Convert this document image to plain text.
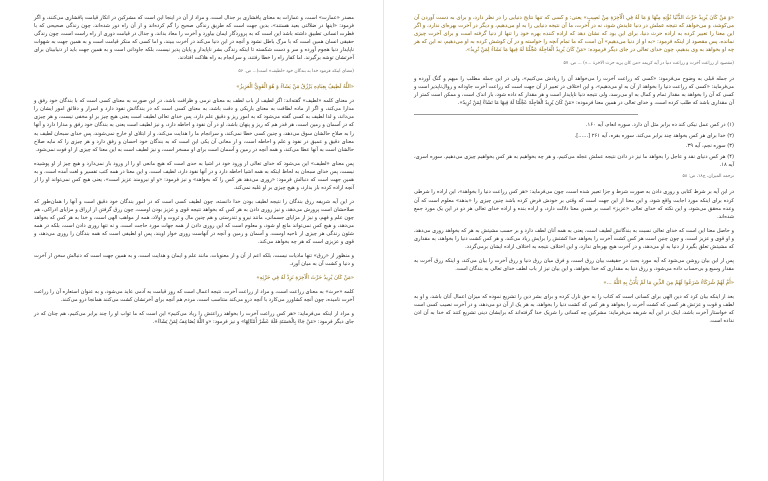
مصدر «عمارت» است، و عمارات به معنای پافشاری بر جدال است، و مراد از آن در اینجا این است که مشرکین در انکار قیامت پافشاری می‌کنند، و اگر فرمود: «اینها در ضلالتی بعید هستند»، بدین جهت است که طریق زندگی صحیح را گم کرده‌اند و از آن راه دور شده‌اند، چون زندگی صحیحی که با فطرت انسانی تطبیق داشته باشد این است که به پروردگار ایمان بیاورد و آخرت را معاد بداند، و جدال در قیامت دوری از راه راست است، چون زندگی حقیقی انسان همین است که با مرگ باطل نشود و آنچه در این دنیا می‌کند در آخرت ببیند، و اما کسی که منکر قیامت است و به همین جهت به شهوات ناپایدار دنیا هجوم آورده و سر و دست شکسته تا اینکه زندگی بشر ناپایدار و پایان پذیر نیست، بلکه جاودانی است و به همین جهت باید از دنیابینان برای آخرتشان توشه برگیرند. اما کفار راه را خطا رفتند، و سرانجام به راه هلاکت افتادند.

(معنای اینکه فرمود خدا به بندگان خود «لطیف» است)... ص. ۵۶

«اللَّهُ لَطِيفٌ بِعِبَادِهِ يَرْزُقُ مَنْ يَشَاءُ وَ هُوَ الْقَوِيُّ الْعَزِيزُ»

در معنای کلمه «لطیف» گفته‌اند: اگر لطیف از باب لطف به معنای نرمی و ظرافت باشد، در این صورت به معنای کسی است که با بندگان خود رفق و مدارا می‌کند، و اگر از ماده لطافت به معنای باریکی و دقت باشد، به معنای کسی است که در بندگانش نفوذ دارد و اسرار و دقائق امور ایشان را می‌داند، و لذا لطیف به کسی گفته می‌شود که به امور ریز و دقیق علم دارد، پس خدای تعالی لطیف است یعنی هیچ چیز بر او مخفی نیست، و هر چیزی که در آسمان و زمین است، هر قدر هم که ریز و پنهان باشد، او در آن نفوذ و احاطه دارد، و نیز لطیف است یعنی به بندگان خود رفق و مدارا دارد و آنها را به صلاح حالشان سوق می‌دهد، و چنین کسی خطا نمی‌کند، و سرانجام ما را هدایت می‌کند، و از ابتلای او خارج نمی‌شوند، پس خدای سبحان لطیف به معنای دقیق و عمیق در نفوذ و علم و احاطه است، و از معانی آن یکی این است که به بندگان خود احسان و رفق دارد و هر چیزی را که مایه صلاح حالشان است به آنها عطا می‌کند، و همه آنچه در زمین و آسمان است برای او مسخر است، و نیز لطیف است به این معنا که چیزی از او فوت نمی‌شود.

پس معنای «لطیف» این می‌شود که خدای تعالی از ورود خود در اشیا به حدی است که هیچ مانعی او را از ورود باز نمی‌دارد و هیچ چیز از او پوشیده نیست، پس خدای سبحان به لحاظ اینکه به همه اشیا احاطه دارد و در آنها نفوذ دارد، لطیف است، و این معنا در همه کتب تفسیر و لغت آمده است، و به همین جهت است که دنبالش فرمود: «روزی می‌دهد هر کس را که بخواهد» و نیز فرمود: «و او نیرومند عزیز است»، یعنی هیچ کس نمی‌تواند او را از آنچه اراده کرده باز بدارد، و هیچ چیزی بر او غلبه نمی‌کند.

در این آیه شریفه رزق بندگان را نتیجه لطیف بودن خدا دانسته، چون لطیف کسی است که در امور بندگان خود دقیق است و آنها را همان‌طور که صلاحشان است پرورش می‌دهد، و نیز روزی دادن به هر کس که بخواهد نتیجه قوی و عزیز بودن اوست، چون رزق گرفتن از ارزاق و مزایای ادراکی، هم چون علم و فهم، و نیز از مزایای جسمانی، مانند نیرو و تندرستی و هم چنین مال و ثروت و اولاد، همه از مواهب الهی است، و خدا به هر کس که بخواهد می‌دهد، و هیچ کس نمی‌تواند مانع او شود، و معلوم است که این روزی دادن از همه جهات مورد حاجت است، و نه تنها روزی دادن است، بلکه در همه شئون زندگی هر چیزی از ناحیه اوست، و آسمان و زمین و آنچه در آنهاست روزی خوار اویند، پس او لطیفی است که همه بندگان را روزی می‌دهد، و قوی و عزیزی است که هر چه بخواهد می‌کند.

و منظور از «رزق» تنها مادیات نیست، بلکه اعم از آن و از معنویات، مانند علم و ایمان و هدایت است، و به همین جهت است که دنبالش سخن از آخرت و دنیا و کشت آن به میان آورد.

«مَنْ كَانَ يُرِيدُ حَرْثَ الْآخِرَةِ نَزِدْ لَهُ فِي حَرْثِهِ»

کلمه «حرث» به معنای زراعت است، و مراد از زراعت آخرت، نتیجه اعمال است که روز قیامت به آدمی عاید می‌شود، و به عنوان استعاره آن را زراعت آخرت نامیده، چون آنچه کشاورز می‌کارد با آنچه درو می‌کند متناسب است، مردم هم آنچه برای آخرتشان کشت می‌کنند همانجا درو می‌کنند.

و مراد از اینکه می‌فرماید: «هر کس زراعت آخرت را بخواهد زراعتش را زیاد می‌کنیم» این است که ما ثواب او را چند برابر می‌کنیم، هم چنان که در جای دیگر فرمود: «مَنْ جَاءَ بِالْحَسَنَةِ فَلَهُ عَشْرُ أَمْثَالِهَا» و نیز فرمود: «و اللَّهُ يُضَاعِفُ لِمَنْ يَشَاءُ».

«وَ مَنْ كَانَ يُرِيدُ حَرْثَ الدُّنْيَا نُؤْتِهِ مِنْهَا وَ مَا لَهُ فِي الْآخِرَةِ مِنْ نَصِيبٍ» یعنی: و کسی که تنها نتایج دنیایی را در نظر دارد، و برای به دست آوردن آن می‌کوشد، و می‌خواهد که نتیجه عملش در دنیا عایدش شود، نه در آخرت، ما آن نتیجه دنیایی را به او می‌دهیم، و دیگر در آخرت بهره‌ای ندارد، و اگر این معنا را تعبیر کرده به اراده حرث دنیا، برای این بود که نشان دهد که اراده کننده بهره خود را تنها از دنیا گرفته است و برای آخرت چیزی نمانده، پس مقصود از اینکه فرمود: «به او از دنیا می‌دهیم» آن است که ما تمام آنچه را خواسته و در آن کوشش کرده به او می‌دهیم، نه این که هر چه او بخواهد به وی بدهیم، چون خدای تعالی در جای دیگر فرموده: «مَنْ كَانَ يُرِيدُ الْعَاجِلَةَ عَجَّلْنَا لَهُ فِيهَا مَا نَشَاءُ لِمَنْ نُرِيدُ».

(مقصود از زراعت آخرت و زراعت دنیا در آیه کریمه «من کان یرید حرث الاخرة ...») ... ص. ۵۷

در جمله قبلی به وضوح می‌فرمود: «کسی که زراعت آخرت را می‌خواهد آن را زیادش می‌کنیم»، ولی در این جمله مطلب را مبهم و گنگ آورده و می‌فرماید: «کسی که زراعت دنیا را بخواهد از آن به او می‌دهیم»، و این اختلاف در تعبیر از آن جهت است که زراعت آخرت جاودانه و زوال‌ناپذیر است و کسی که آن را بخواهد به مقدار تمام و کمال به او می‌رسد، ولی نتیجه دنیا ناپایدار است و هر مقدار که داده شود، باز اندک است، و ممکن است کمتر از آن مقداری باشد که طلب کرده است، و خدای تعالی در همین معنا فرموده: «مَنْ كَانَ يُرِيدُ الْعَاجِلَةَ عَجَّلْنَا لَهُ فِيهَا مَا نَشَاءُ لِمَنْ نُرِيدُ».

(۱) در کس عمل نیکی کند ده برابر مثل آن دارد. سوره انعام، آیه ۱۶۰.

(۲) خدا برای هر کس بخواهد چند برابر می‌کند. سوره بقره، آیه ۲۶۱ [......].

(۳) سوره نجم، آیه ۳۹.

(۴) هر کس دنیای نقد و عاجل را بخواهد ما نیز در دادن نتیجه عملش عجله می‌کنیم، و هر چه بخواهیم به هر کس بخواهیم چیزی می‌دهیم. سوره اسری، آیه ۱۸.

ترجمه المیزان، ج۱۸، ص: ۵۸

در این آیه بر شرط کتابی و روزی دادن به صورت شرط و جزا تعبیر شده است، چون می‌فرماید: «هر کس زراعت دنیا را بخواهد»، این اراده را شرطی کرده برای اینکه مورد اجابت واقع شود، و این معنا از این جهت است که وقتی بر خودش فرض کرده باشد چنین چیزی را «بدهد» معلوم است که آن وعده محقق می‌شود، و این نکته که خدای تعالی «عزیز» است بر همین معنا دلالت دارد، و اراده بنده و اراده خدای تعالی هر دو در این یک مورد جمع شده‌اند.

و حاصل معنا این است که خدای تعالی نسبت به بندگانش لطیف است، یعنی به همه آنان لطف دارد و بر حسب مشیتش به هر که بخواهد روزی می‌دهد، و او قوی و عزیز است، و چون چنین است هر کس کشت آخرت را بخواهد خدا کشتش را برایش زیاد می‌کند، و هر کس کشت دنیا را بخواهد، به مقداری که مشیتش تعلق بگیرد از دنیا به او می‌دهد، و در آخرت هیچ بهره‌ای ندارد، و این اختلاف نتیجه به اختلاف اراده ایشان برمی‌گردد.

پس از این بیان روشن می‌شود که آیه مورد بحث در حقیقت بیان رزق است، و فرق میان رزق دنیا و رزق آخرت را بیان می‌کند، و اینکه رزق آخرت به مقدار وسیع و بی‌حساب داده می‌شود، و رزق دنیا به مقداری که خدا بخواهد، و این بیان نیز از باب لطف خدای تعالی به بندگان است.

«أَمْ لَهُمْ شُرَكَاءُ شَرَعُوا لَهُمْ مِنَ الدِّينِ مَا لَمْ يَأْذَنْ بِهِ اللَّهُ ...»

بعد از اینکه بیان کرد که دین الهی برای کسانی است که کتاب را به حق نازل کرده و برای بشر دین را تشریع نموده که میزان اعمال آنان باشد، و او به لطف و قوت و عزتش هر کسی که کشت آخرت را بخواهد و هر کس که کشت دنیا را بخواهد، به هر یک از آن دو می‌دهد، و در آخرت نصیب کسی است که خواستار آخرت باشد، اینک در این آیه شریفه می‌فرماید: مشرکین چه کسانی را شریک خدا گرفته‌اند که برایشان دینی تشریع کنند که خدا به آن اذن نداده است.
